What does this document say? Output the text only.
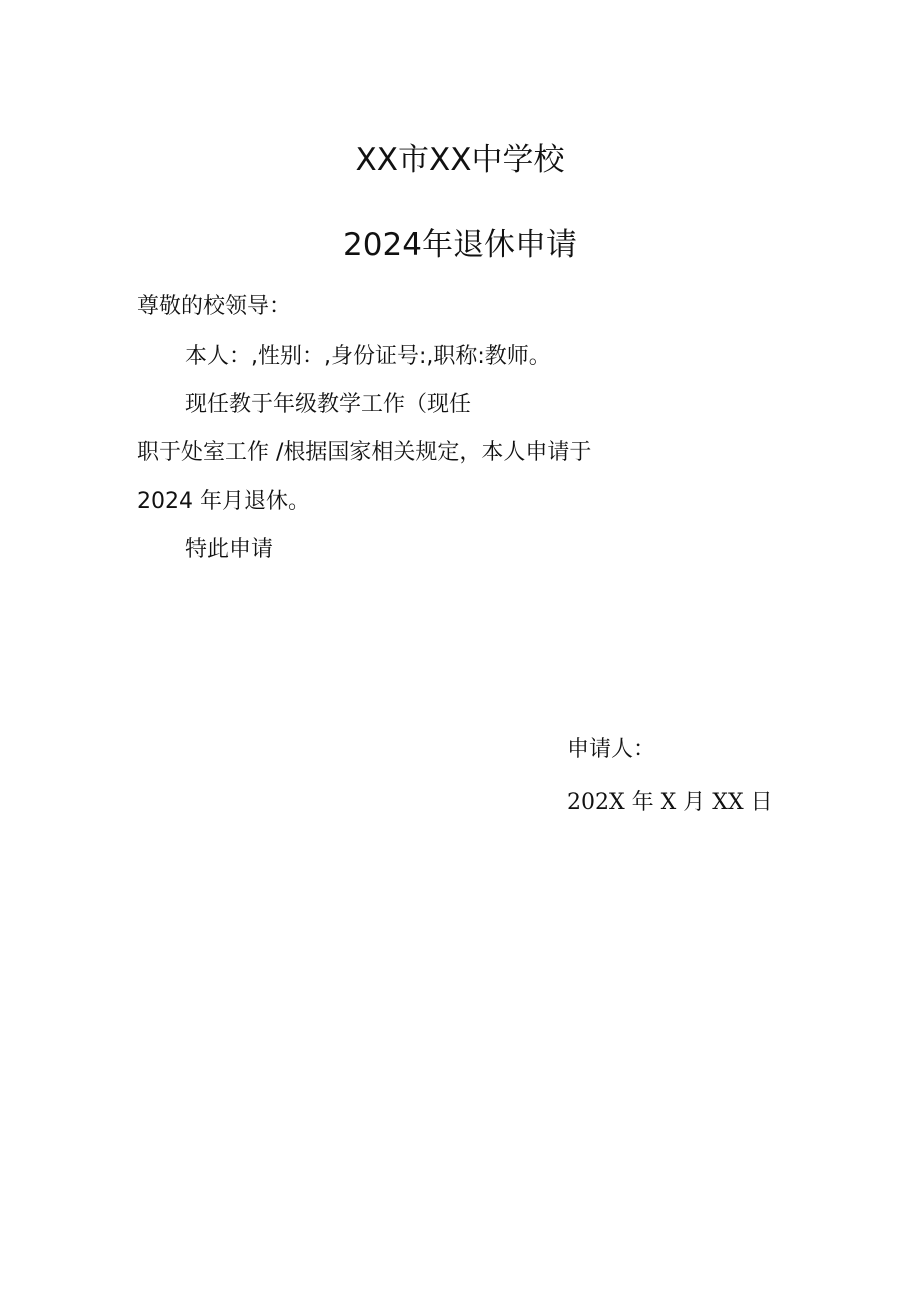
XX市XX中学校
2024年退休申请
尊敬的校领导：
本人：,性别：,身份证号:,职称:教师。
现任教于年级教学工作（现任
职于处室工作 /根据国家相关规定，本人申请于
2024 年月退休。
特此申请
申请人：
202X 年 X 月 XX 日
